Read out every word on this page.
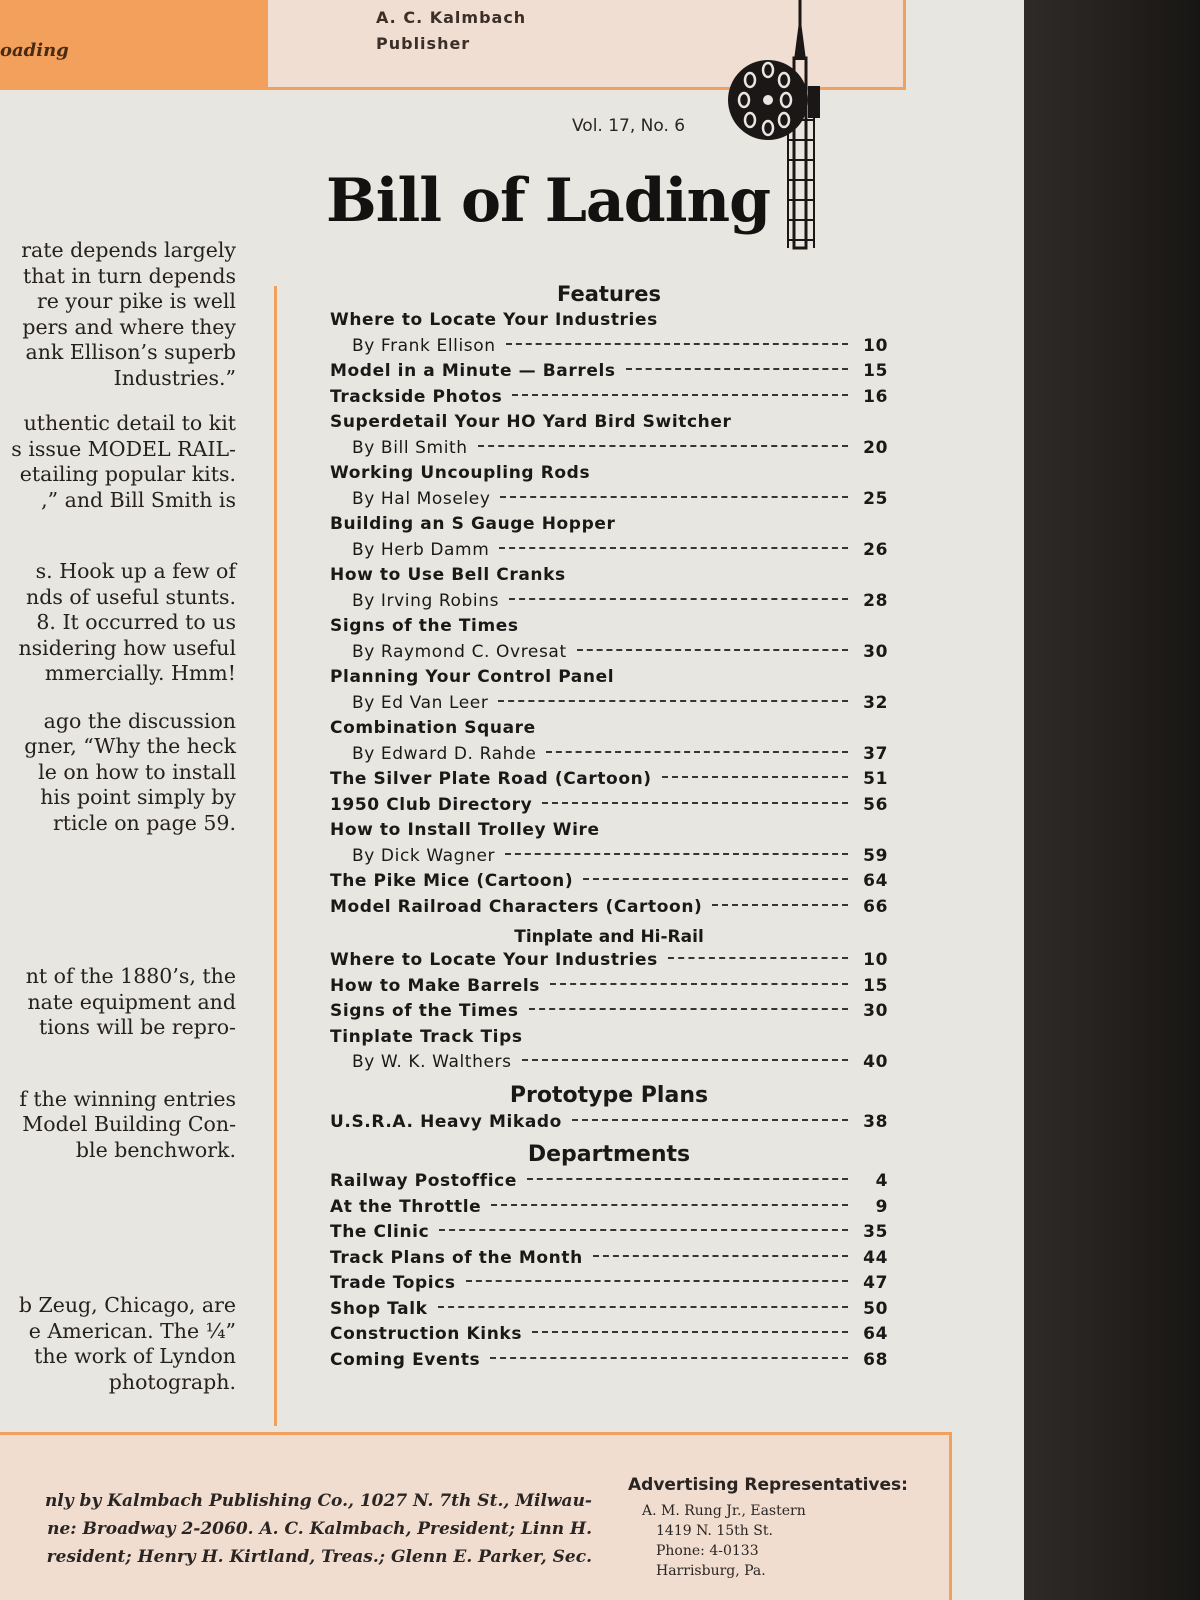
oading
A. C. Kalmbach
Publisher
Vol. 17, No. 6
Bill of Lading

rate depends largely
that in turn depends
re your pike is well
pers and where they
ank Ellison’s superb
Industries.”

uthentic detail to kit
s issue MODEL RAIL-
etailing popular kits.
,” and Bill Smith is

s. Hook up a few of
nds of useful stunts.
8. It occurred to us
nsidering how useful
mmercially. Hmm!

ago the discussion
gner, “Why the heck
le on how to install
his point simply by
rticle on page 59.

nt of the 1880’s, the
nate equipment and
tions will be repro-

f the winning entries
Model Building Con-
ble benchwork.

b Zeug, Chicago, are
e American. The ¼”
the work of Lyndon
photograph.

Features
Where to Locate Your Industries
By Frank Ellison	10
Model in a Minute — Barrels	15
Trackside Photos	16
Superdetail Your HO Yard Bird Switcher
By Bill Smith	20
Working Uncoupling Rods
By Hal Moseley	25
Building an S Gauge Hopper
By Herb Damm	26
How to Use Bell Cranks
By Irving Robins	28
Signs of the Times
By Raymond C. Ovresat	30
Planning Your Control Panel
By Ed Van Leer	32
Combination Square
By Edward D. Rahde	37
The Silver Plate Road (Cartoon)	51
1950 Club Directory	56
How to Install Trolley Wire
By Dick Wagner	59
The Pike Mice (Cartoon)	64
Model Railroad Characters (Cartoon)	66
Tinplate and Hi-Rail
Where to Locate Your Industries	10
How to Make Barrels	15
Signs of the Times	30
Tinplate Track Tips
By W. K. Walthers	40
Prototype Plans
U.S.R.A. Heavy Mikado	38
Departments
Railway Postoffice	4
At the Throttle	9
The Clinic	35
Track Plans of the Month	44
Trade Topics	47
Shop Talk	50
Construction Kinks	64
Coming Events	68
nly by Kalmbach Publishing Co., 1027 N. 7th St., Milwau-
ne: Broadway 2-2060. A. C. Kalmbach, President; Linn H.
resident; Henry H. Kirtland, Treas.; Glenn E. Parker, Sec.
Advertising Representatives:
A. M. Rung Jr., Eastern
1419 N. 15th St.
Phone: 4-0133
Harrisburg, Pa.
